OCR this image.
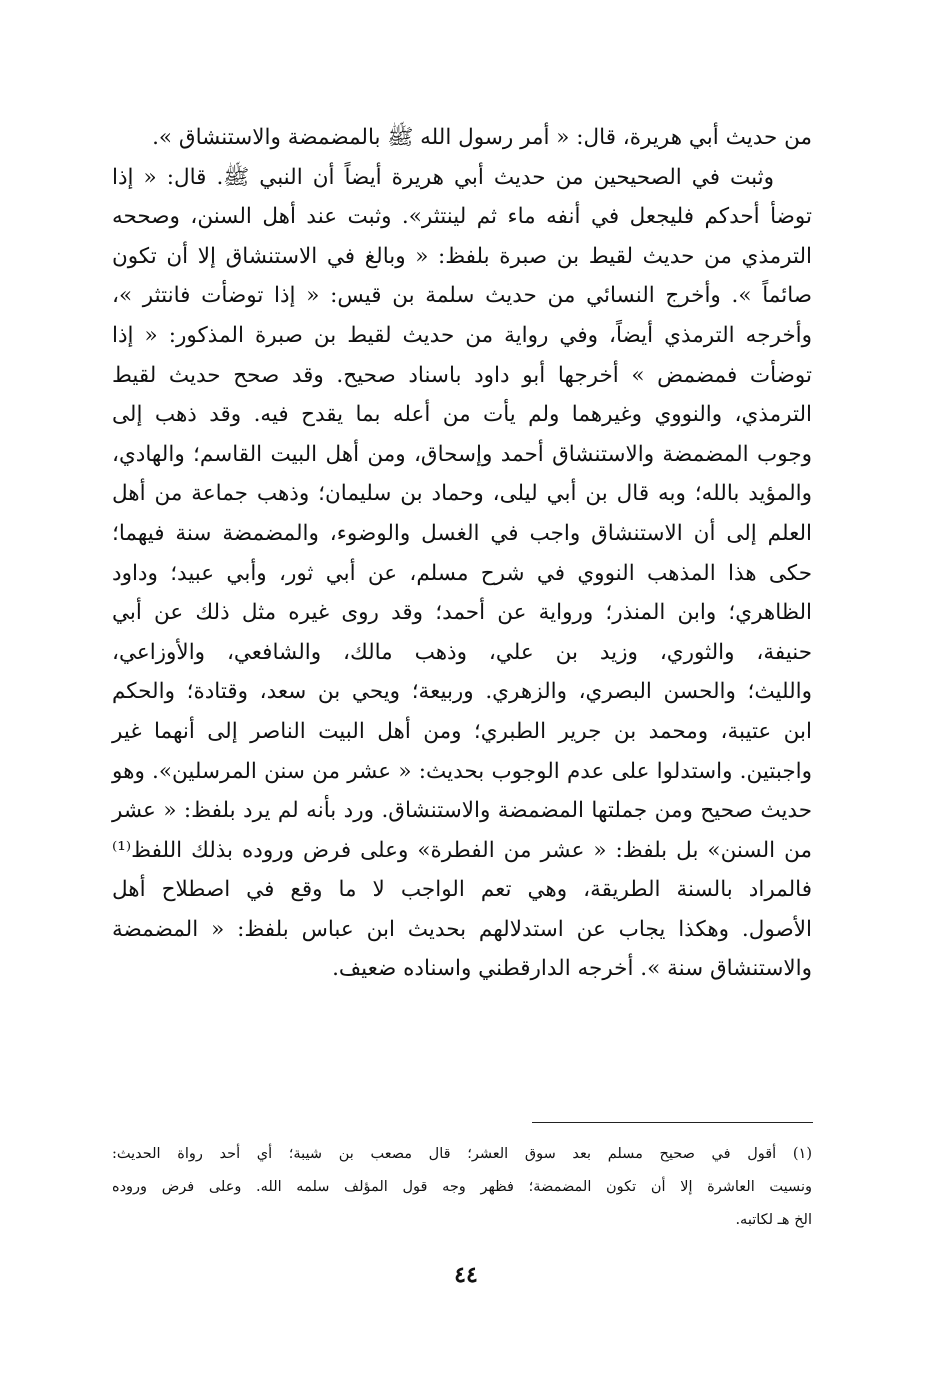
من حديث أبي هريرة، قال: « أمر رسول الله ﷺ بالمضمضة والاستنشاق ».

وثبت في الصحيحين من حديث أبي هريرة أيضاً أن النبي ﷺ. قال: « إذا
توضأ أحدكم فليجعل في أنفه ماء ثم لينتثر». وثبت عند أهل السنن، وصححه
الترمذي من حديث لقيط بن صبرة بلفظ: « وبالغ في الاستنشاق إلا أن تكون
صائماً ». وأخرج النسائي من حديث سلمة بن قيس: « إذا توضأت فانتثر »،
وأخرجه الترمذي أيضاً، وفي رواية من حديث لقيط بن صبرة المذكور: « إذا
توضأت فمضمض » أخرجها أبو داود باسناد صحيح. وقد صحح حديث لقيط
الترمذي، والنووي وغيرهما ولم يأت من أعله بما يقدح فيه. وقد ذهب إلى
وجوب المضمضة والاستنشاق أحمد وإسحاق، ومن أهل البيت القاسم؛ والهادي،
والمؤيد بالله؛ وبه قال بن أبي ليلى، وحماد بن سليمان؛ وذهب جماعة من أهل
العلم إلى أن الاستنشاق واجب في الغسل والوضوء، والمضمضة سنة فيهما؛
حكى هذا المذهب النووي في شرح مسلم، عن أبي ثور، وأبي عبيد؛ وداود
الظاهري؛ وابن المنذر؛ ورواية عن أحمد؛ وقد روى غيره مثل ذلك عن أبي
حنيفة، والثوري، وزيد بن علي، وذهب مالك، والشافعي، والأوزاعي،
والليث؛ والحسن البصري، والزهري. وربيعة؛ ويحي بن سعد، وقتادة؛ والحكم
ابن عتيبة، ومحمد بن جرير الطبري؛ ومن أهل البيت الناصر إلى أنهما غير
واجبتين. واستدلوا على عدم الوجوب بحديث: « عشر من سنن المرسلين». وهو
حديث صحيح ومن جملتها المضمضة والاستنشاق. ورد بأنه لم يرد بلفظ: « عشر
من السنن» بل بلفظ: « عشر من الفطرة» وعلى فرض وروده بذلك اللفظ⁽¹⁾
فالمراد بالسنة الطريقة، وهي تعم الواجب لا ما وقع في اصطلاح أهل
الأصول. وهكذا يجاب عن استدلالهم بحديث ابن عباس بلفظ: « المضمضة
والاستنشاق سنة ». أخرجه الدارقطني واسناده ضعيف.

(١) أقول في صحيح مسلم بعد سوق العشر؛ قال مصعب بن شيبة؛ أي أحد رواة الحديث:
ونسيت العاشرة إلا أن تكون المضمضة؛ فظهر وجه قول المؤلف سلمه الله. وعلى فرض وروده
الخ هـ لكاتبه.
٤٤
